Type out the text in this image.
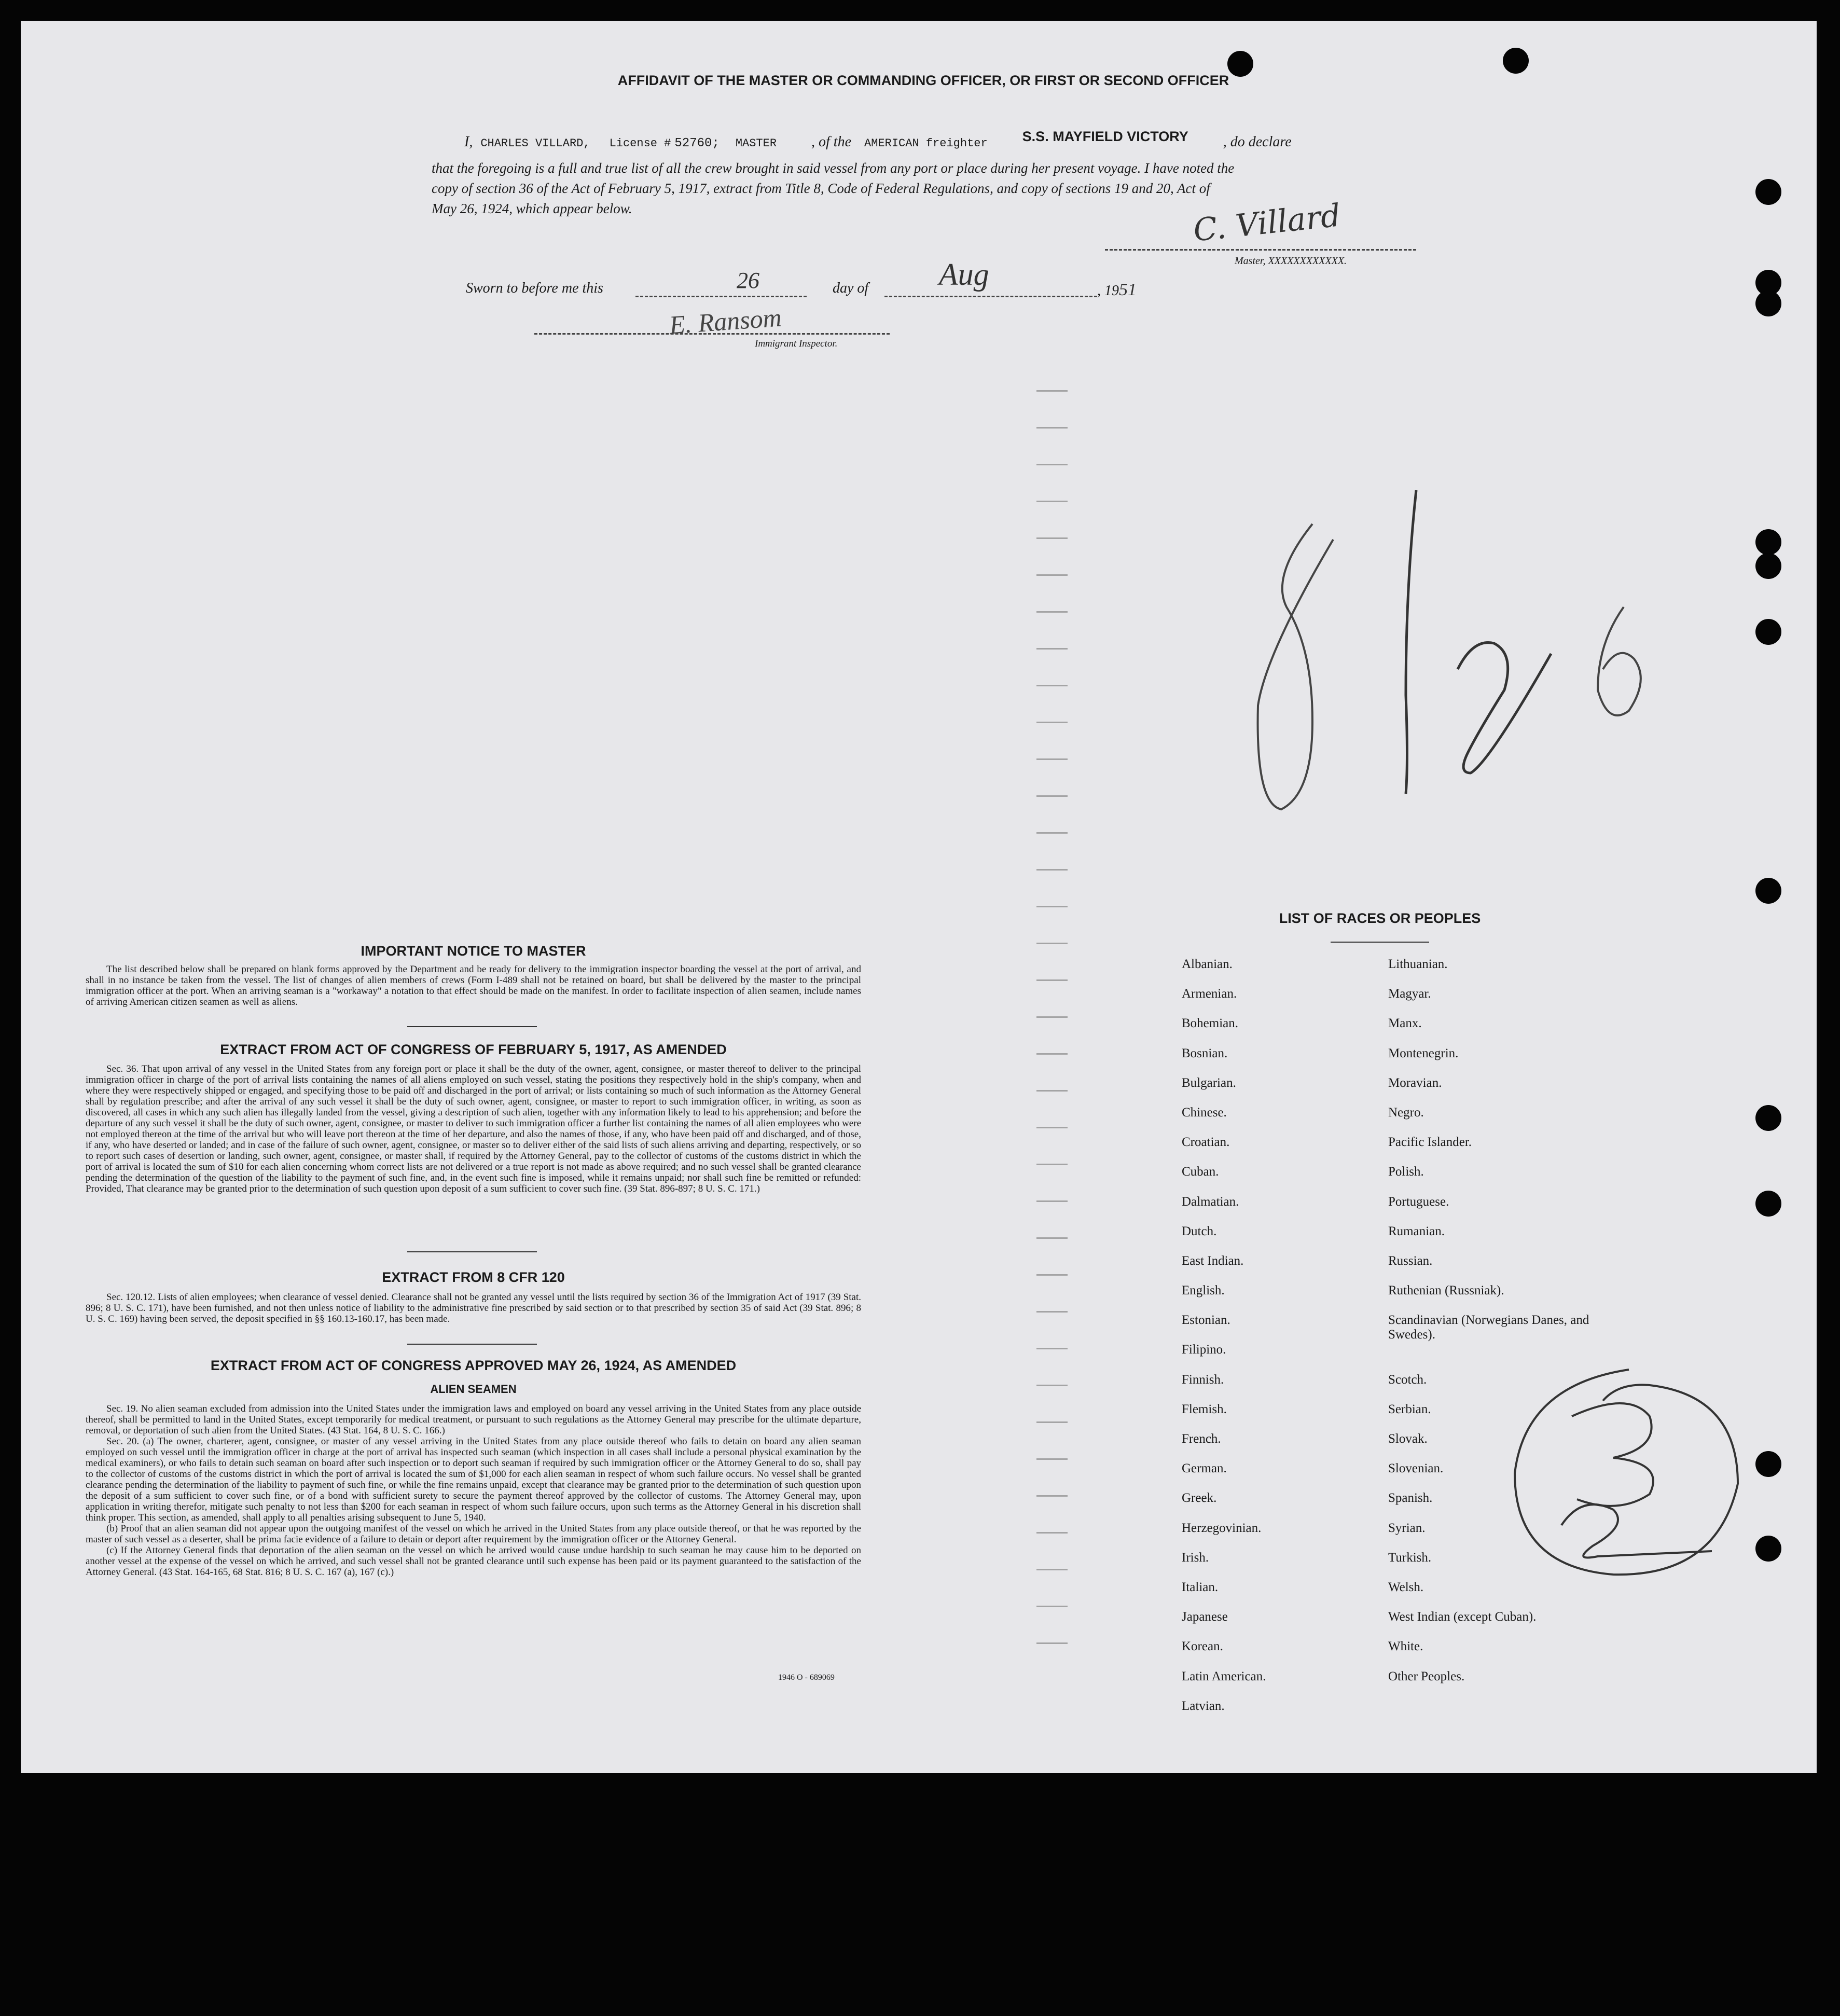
AFFIDAVIT OF THE MASTER OR COMMANDING OFFICER, OR FIRST OR SECOND OFFICER
I, CHARLES VILLARD, License # 52760; MASTER , of the AMERICAN freighter S.S. MAYFIELD VICTORY , do declare
that the foregoing is a full and true list of all the crew brought in said vessel from any port or place during her present voyage. I have noted the
copy of section 36 of the Act of February 5, 1917, extract from Title 8, Code of Federal Regulations, and copy of sections 19 and 20, Act of
May 26, 1924, which appear below.	C. Villard
Master, XXXXXXXXXXXX.
Sworn to before me this	26	day of Aug	, 1951
E. Ransom
Immigrant Inspector.
IMPORTANT NOTICE TO MASTER
The list described below shall be prepared on blank forms approved by the Department and be ready for delivery to the immigration inspector boarding the vessel at the port of arrival, and shall in no instance be taken from the vessel. The list of changes of alien members of crews (Form I-489 shall not be retained on board, but shall be delivered by the master to the principal immigration officer at the port. When an arriving seaman is a "workaway" a notation to that effect should be made on the manifest. In order to facilitate inspection of alien seamen, include names of arriving American citizen seamen as well as aliens.
EXTRACT FROM ACT OF CONGRESS OF FEBRUARY 5, 1917, AS AMENDED
Sec. 36. That upon arrival of any vessel in the United States from any foreign port or place it shall be the duty of the owner, agent, consignee, or master thereof to deliver to the principal immigration officer in charge of the port of arrival lists containing the names of all aliens employed on such vessel, stating the positions they respectively hold in the ship's company, when and where they were respectively shipped or engaged, and specifying those to be paid off and discharged in the port of arrival; or lists containing so much of such information as the Attorney General shall by regulation prescribe; and after the arrival of any such vessel it shall be the duty of such owner, agent, consignee, or master to report to such immigration officer, in writing, as soon as discovered, all cases in which any such alien has illegally landed from the vessel, giving a description of such alien, together with any information likely to lead to his apprehension; and before the departure of any such vessel it shall be the duty of such owner, agent, consignee, or master to deliver to such immigration officer a further list containing the names of all alien employees who were not employed thereon at the time of the arrival but who will leave port thereon at the time of her departure, and also the names of those, if any, who have been paid off and discharged, and of those, if any, who have deserted or landed; and in case of the failure of such owner, agent, consignee, or master so to deliver either of the said lists of such aliens arriving and departing, respectively, or so to report such cases of desertion or landing, such owner, agent, consignee, or master shall, if required by the Attorney General, pay to the collector of customs of the customs district in which the port of arrival is located the sum of $10 for each alien concerning whom correct lists are not delivered or a true report is not made as above required; and no such vessel shall be granted clearance pending the determination of the question of the liability to the payment of such fine, and, in the event such fine is imposed, while it remains unpaid; nor shall such fine be remitted or refunded: Provided, That clearance may be granted prior to the determination of such question upon deposit of a sum sufficient to cover such fine. (39 Stat. 896-897; 8 U. S. C. 171.)
EXTRACT FROM 8 CFR 120
Sec. 120.12. Lists of alien employees; when clearance of vessel denied. Clearance shall not be granted any vessel until the lists required by section 36 of the Immigration Act of 1917 (39 Stat. 896; 8 U. S. C. 171), have been furnished, and not then unless notice of liability to the administrative fine prescribed by said section or to that prescribed by section 35 of said Act (39 Stat. 896; 8 U. S. C. 169) having been served, the deposit specified in §§ 160.13-160.17, has been made.
EXTRACT FROM ACT OF CONGRESS APPROVED MAY 26, 1924, AS AMENDED
ALIEN SEAMEN
Sec. 19. No alien seaman excluded from admission into the United States under the immigration laws and employed on board any vessel arriving in the United States from any place outside thereof, shall be permitted to land in the United States, except temporarily for medical treatment, or pursuant to such regulations as the Attorney General may prescribe for the ultimate departure, removal, or deportation of such alien from the United States. (43 Stat. 164, 8 U. S. C. 166.)
Sec. 20. (a) The owner, charterer, agent, consignee, or master of any vessel arriving in the United States from any place outside thereof who fails to detain on board any alien seaman employed on such vessel until the immigration officer in charge at the port of arrival has inspected such seaman (which inspection in all cases shall include a personal physical examination by the medical examiners), or who fails to detain such seaman on board after such inspection or to deport such seaman if required by such immigration officer or the Attorney General to do so, shall pay to the collector of customs of the customs district in which the port of arrival is located the sum of $1,000 for each alien seaman in respect of whom such failure occurs. No vessel shall be granted clearance pending the determination of the liability to payment of such fine, or while the fine remains unpaid, except that clearance may be granted prior to the determination of such question upon the deposit of a sum sufficient to cover such fine, or of a bond with sufficient surety to secure the payment thereof approved by the collector of customs. The Attorney General may, upon application in writing therefor, mitigate such penalty to not less than $200 for each seaman in respect of whom such failure occurs, upon such terms as the Attorney General in his discretion shall think proper. This section, as amended, shall apply to all penalties arising subsequent to June 5, 1940.
(b) Proof that an alien seaman did not appear upon the outgoing manifest of the vessel on which he arrived in the United States from any place outside thereof, or that he was reported by the master of such vessel as a deserter, shall be prima facie evidence of a failure to detain or deport after requirement by the immigration officer or the Attorney General.
(c) If the Attorney General finds that deportation of the alien seaman on the vessel on which he arrived would cause undue hardship to such seaman he may cause him to be deported on another vessel at the expense of the vessel on which he arrived, and such vessel shall not be granted clearance until such expense has been paid or its payment guaranteed to the satisfaction of the Attorney General. (43 Stat. 164-165, 68 Stat. 816; 8 U. S. C. 167 (a), 167 (c).)
1946 O - 689069
LIST OF RACES OR PEOPLES
Albanian.	Lithuanian.
Armenian.	Magyar.
Bohemian.	Manx.
Bosnian.	Montenegrin.
Bulgarian.	Moravian.
Chinese.	Negro.
Croatian.	Pacific Islander.
Cuban.	Polish.
Dalmatian.	Portuguese.
Dutch.	Rumanian.
East Indian.	Russian.
English.	Ruthenian (Russniak).
Estonian.	Scandinavian (Norwegians Danes, and Swedes).
Filipino.	
Finnish.	Scotch.
Flemish.	Serbian.
French.	Slovak.
German.	Slovenian.
Greek.	Spanish.
Herzegovinian.	Syrian.
Irish.	Turkish.
Italian.	Welsh.
Japanese	West Indian (except Cuban).
Korean.	White.
Latin American.	Other Peoples.
Latvian.	
